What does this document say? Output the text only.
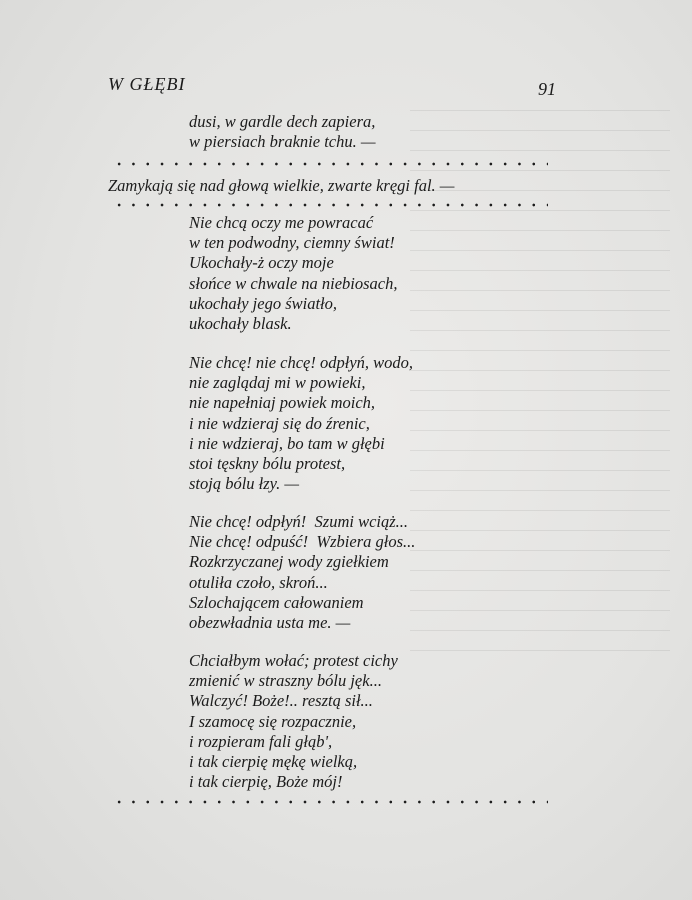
W GŁĘBI	91
dusi, w gardle dech zapiera,
w piersiach braknie tchu. —
Zamykają się nad głową wielkie, zwarte kręgi fal. —
Nie chcą oczy me powracać
w ten podwodny, ciemny świat!
Ukochały-ż oczy moje
słońce w chwale na niebiosach,
ukochały jego światło,
ukochały blask.
Nie chcę! nie chcę! odpłyń, wodo,
nie zaglądaj mi w powieki,
nie napełniaj powiek moich,
i nie wdzieraj się do źrenic,
i nie wdzieraj, bo tam w głębi
stoi tęskny bólu protest,
stoją bólu łzy. —
Nie chcę! odpłyń!  Szumi wciąż...
Nie chcę! odpuść!  Wzbiera głos...
Rozkrzyczanej wody zgiełkiem
otuliła czoło, skroń...
Szlochającem całowaniem
obezwładnia usta me. —
Chciałbym wołać; protest cichy
zmienić w straszny bólu jęk...
Walczyć! Boże!.. resztą sił...
I szamocę się rozpacznie,
i rozpieram fali głąb',
i tak cierpię mękę wielką,
i tak cierpię, Boże mój!
